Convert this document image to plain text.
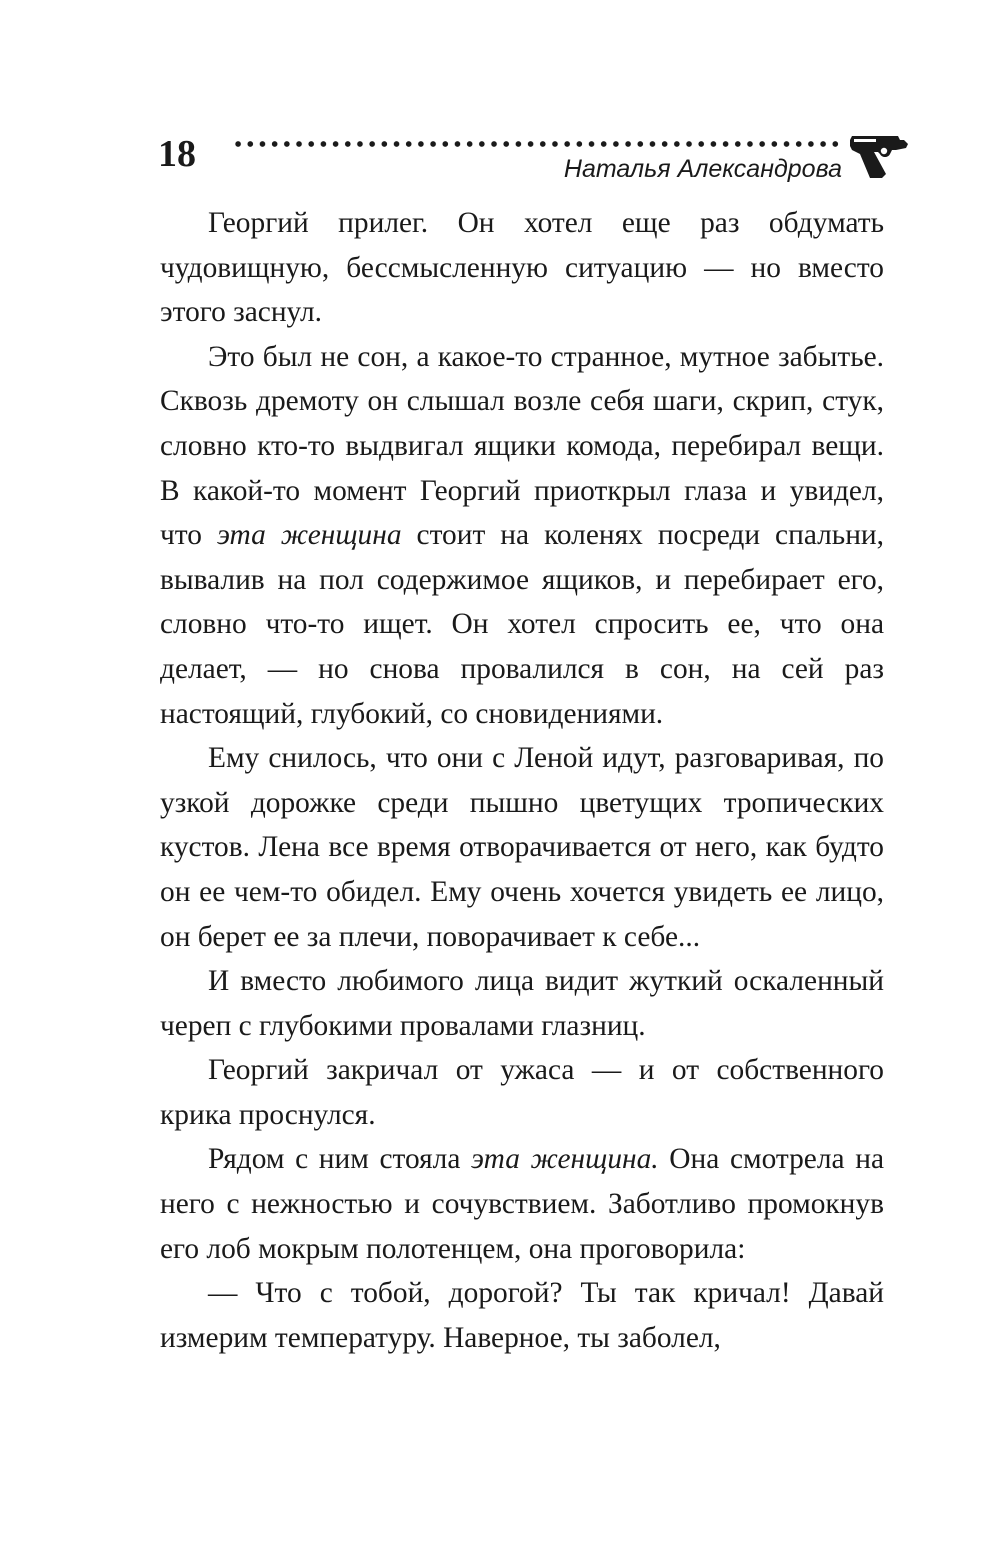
18	Наталья Александрова

Георгий прилег. Он хотел еще раз обдумать чудовищную, бессмысленную ситуацию — но вместо этого заснул.

Это был не сон, а какое-то странное, мутное забытье. Сквозь дремоту он слышал возле себя шаги, скрип, стук, словно кто-то выдвигал ящики комода, перебирал вещи. В какой-то момент Георгий приоткрыл глаза и увидел, что эта женщина стоит на коленях посреди спальни, вывалив на пол содержимое ящиков, и перебирает его, словно что-то ищет. Он хотел спросить ее, что она делает, — но снова провалился в сон, на сей раз настоящий, глубокий, со сновидениями.

Ему снилось, что они с Леной идут, разговаривая, по узкой дорожке среди пышно цветущих тропических кустов. Лена все время отворачивается от него, как будто он ее чем-то обидел. Ему очень хочется увидеть ее лицо, он берет ее за плечи, поворачивает к себе...

И вместо любимого лица видит жуткий оскаленный череп с глубокими провалами глазниц.

Георгий закричал от ужаса — и от собственного крика проснулся.

Рядом с ним стояла эта женщина. Она смотрела на него с нежностью и сочувствием. Заботливо промокнув его лоб мокрым полотенцем, она проговорила:

— Что с тобой, дорогой? Ты так кричал! Давай измерим температуру. Наверное, ты заболел,
